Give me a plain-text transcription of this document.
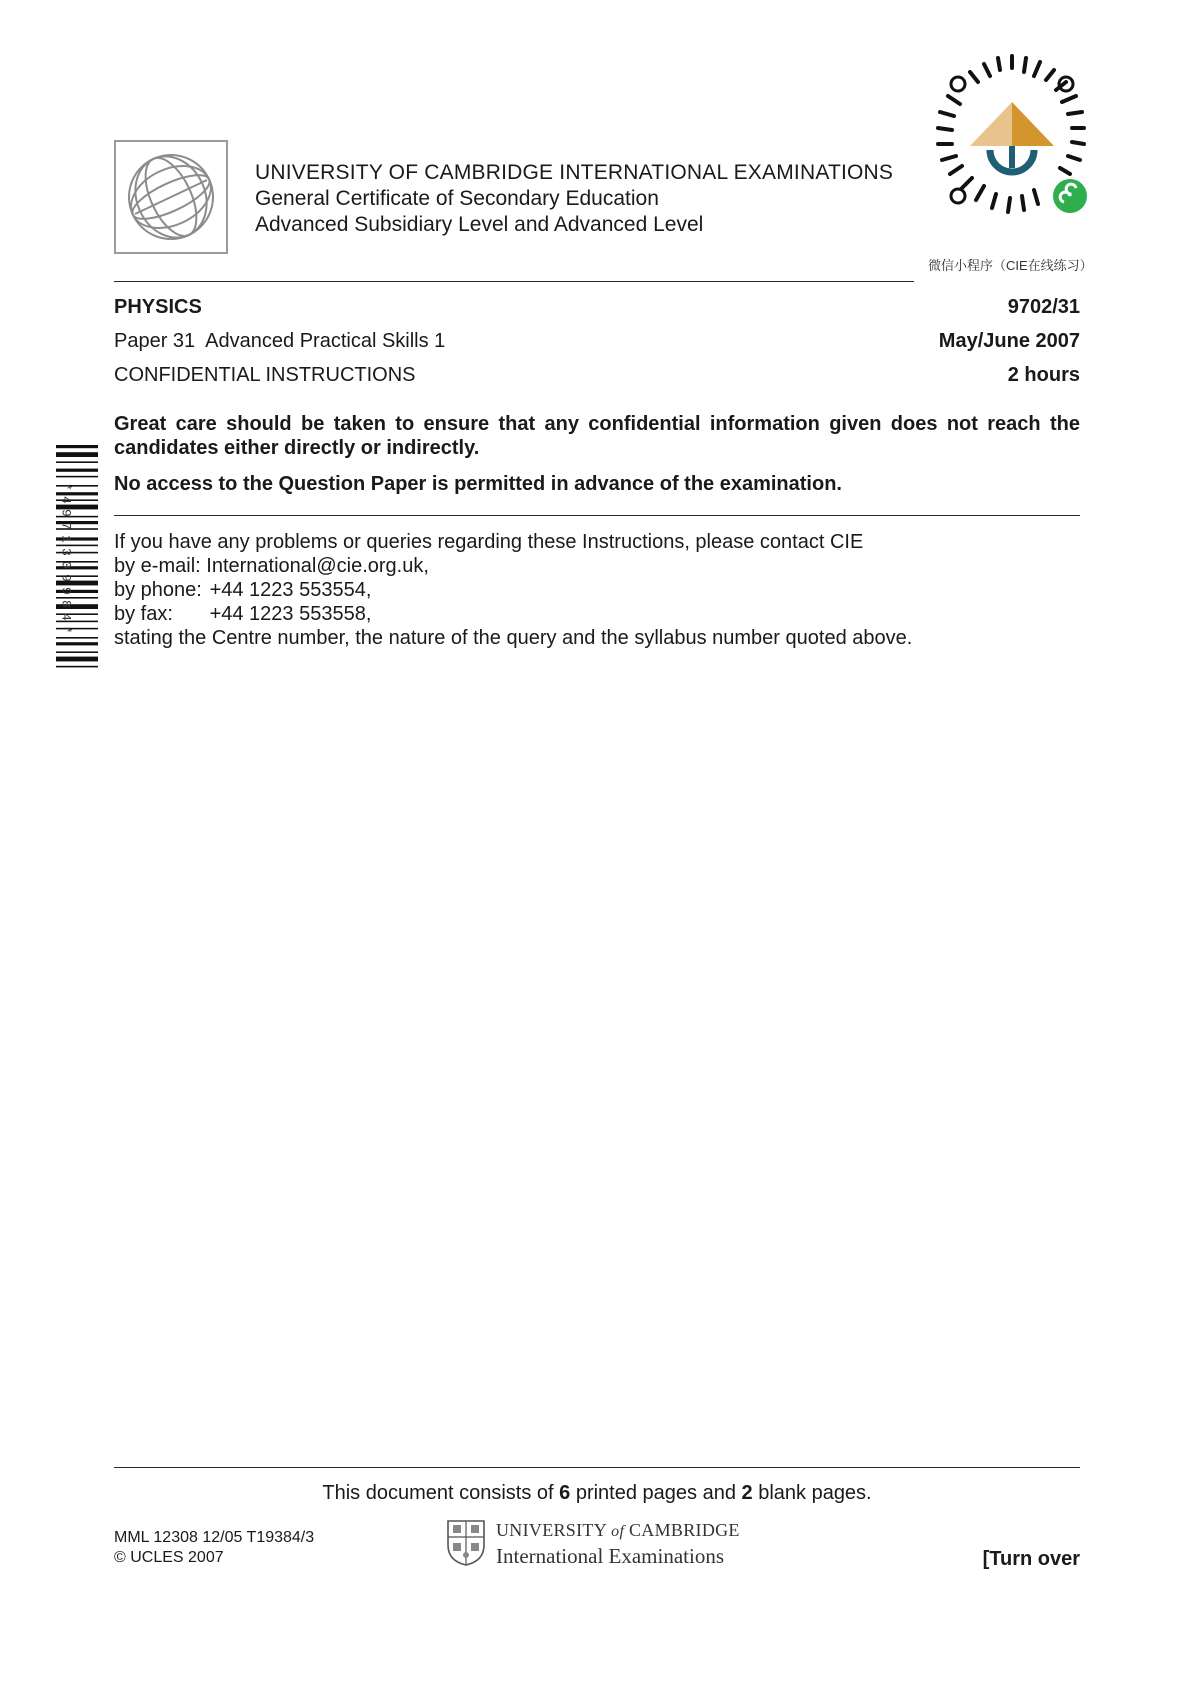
UNIVERSITY OF CAMBRIDGE INTERNATIONAL EXAMINATIONS
General Certificate of Secondary Education
Advanced Subsidiary Level and Advanced Level
微信小程序（CIE在线练习）
PHYSICS	9702/31
Paper 31  Advanced Practical Skills 1	May/June 2007
CONFIDENTIAL INSTRUCTIONS	2 hours
Great care should be taken to ensure that any confidential information given does not reach the candidates either directly or indirectly.
No access to the Question Paper is permitted in advance of the examination.
If you have any problems or queries regarding these Instructions, please contact CIE
by e-mail: International@cie.org.uk,
by phone: +44 1223 553554,
by fax: +44 1223 553558,
stating the Centre number, the nature of the query and the syllabus number quoted above.
*4971309984*
This document consists of 6 printed pages and 2 blank pages.
MML 12308 12/05 T19384/3
© UCLES 2007
UNIVERSITY of CAMBRIDGE
International Examinations	[Turn over
